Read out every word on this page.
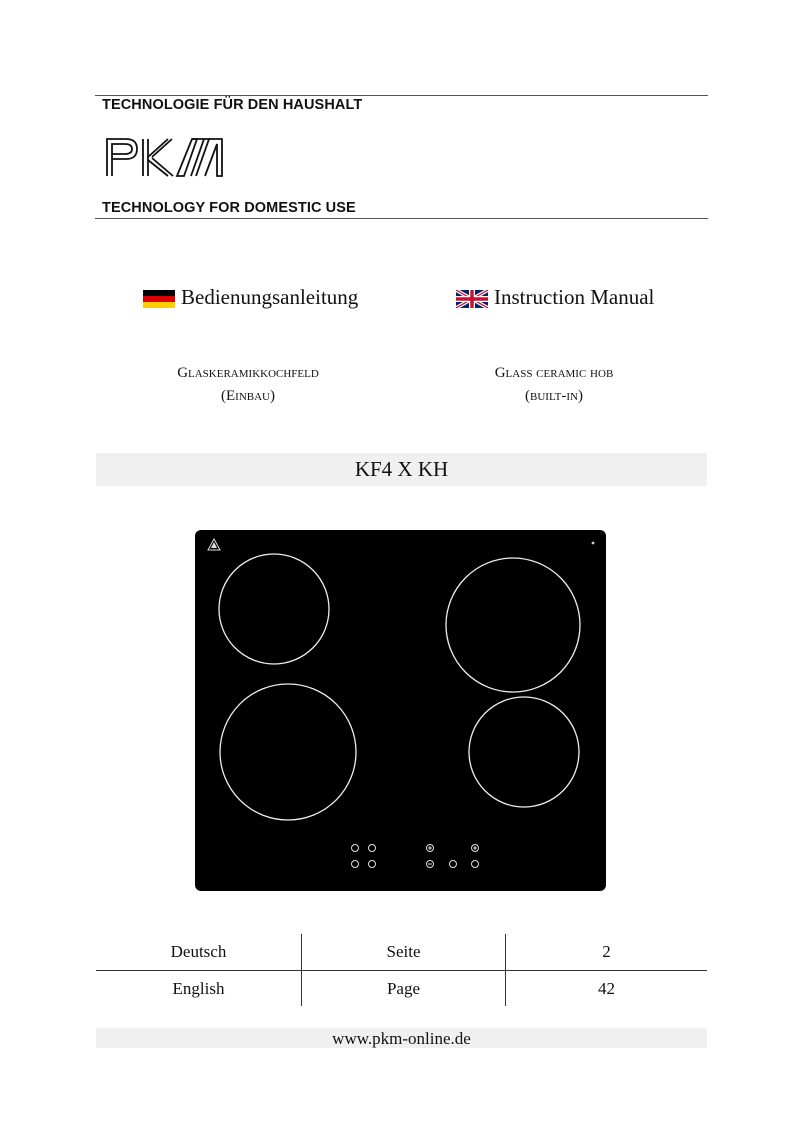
TECHNOLOGIE FÜR DEN HAUSHALT
TECHNOLOGY FOR DOMESTIC USE
Bedienungsanleitung	Instruction Manual
Glaskeramikkochfeld
(Einbau)
Glass ceramic hob
(built-in)
KF4 X KH
Deutsch	Seite	2
English	Page	42
www.pkm-online.de
